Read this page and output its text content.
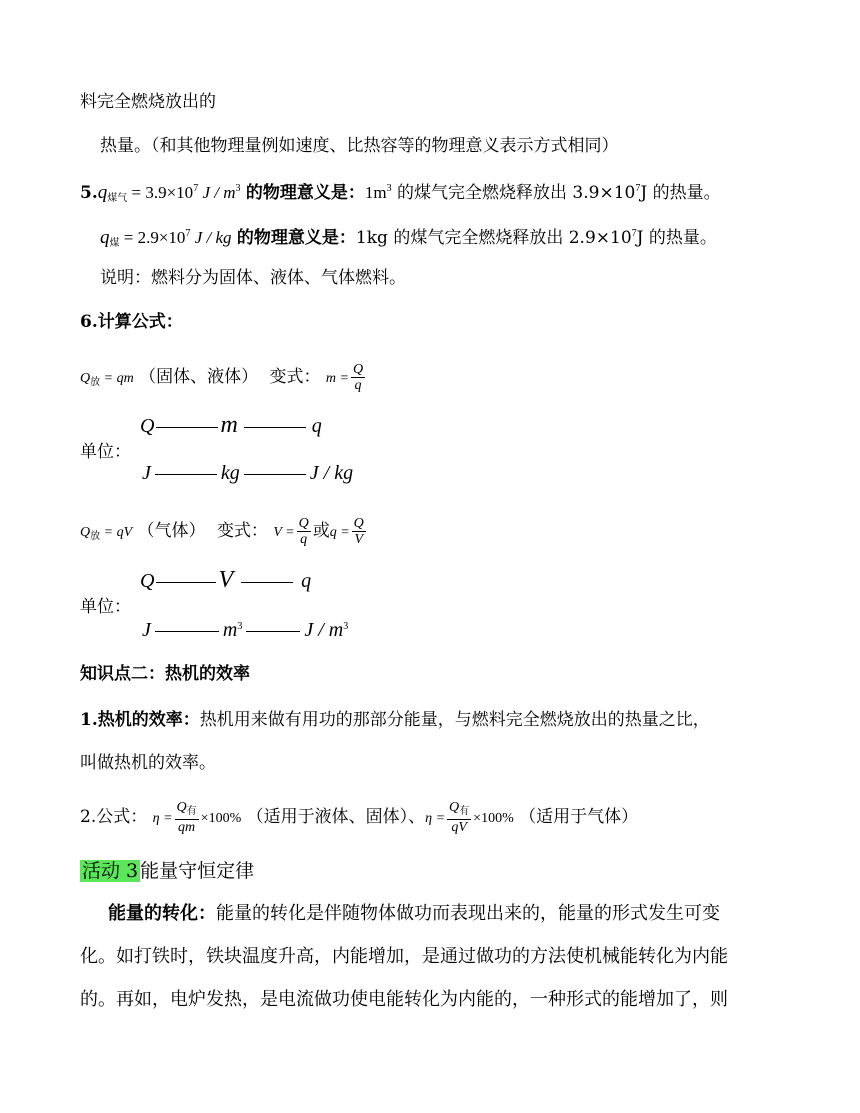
料完全燃烧放出的
热量。（和其他物理量例如速度、比热容等的物理意义表示方式相同）
$5.q_{煤气} = 3.9\times 10^7$ J / $m^3$ 的物理意义是：$1m^3$ 的煤气完全燃烧释放出 $3.9\times 10^7J$ 的热量。
$q_煤 = 2.9\times 10^7$ J / kg 的物理意义是：1kg 的煤气完全燃烧释放出 $2.9\times 10^7J$ 的热量。
说明：燃料分为固体、液体、气体燃料。
6.计算公式：
$Q_放$ = qm （固体、液体） 变式： $m = \frac{Q}{q}$
单位：
Q	m	q
J	kg	J / kg
$Q_放$ = qV （气体） 变式： $V = \frac{Q}{q}$ 或$q = \frac{Q}{V}$
单位：
Q	V	q
J	$m^3$	J / $m^3$
知识点二：热机的效率
1.热机的效率：热机用来做有用功的那部分能量，与燃料完全燃烧放出的热量之比，
叫做热机的效率。
2.公式： $\eta = \frac{Q_有}{qm} \times 100\%$ （适用于液体、固体）、$\eta = \frac{Q_有}{qV} \times 100\%$ （适用于气体）
活动 3 能量守恒定律
能量的转化：能量的转化是伴随物体做功而表现出来的，能量的形式发生可变
化。如打铁时，铁块温度升高，内能增加，是通过做功的方法使机械能转化为内能
的。再如，电炉发热，是电流做功使电能转化为内能的，一种形式的能增加了，则
